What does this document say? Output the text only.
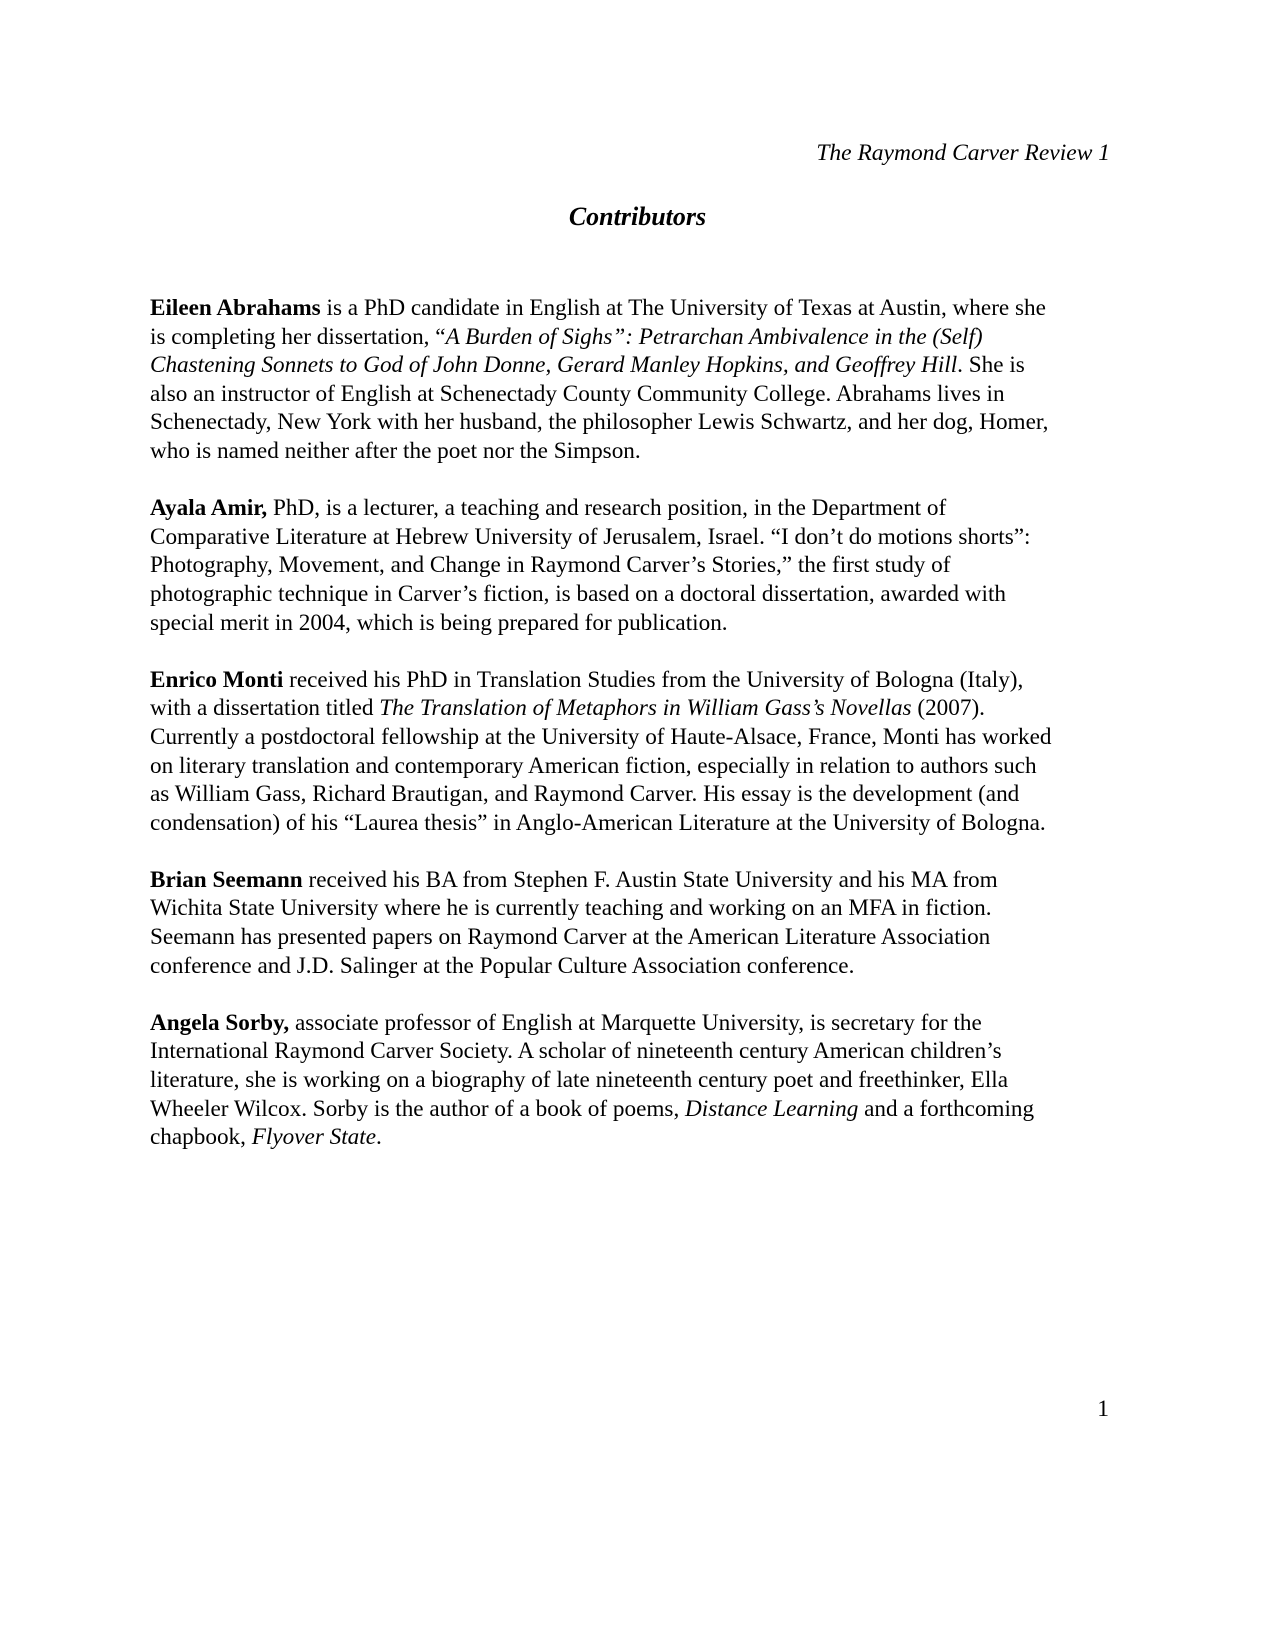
The Raymond Carver Review 1
Contributors

Eileen Abrahams is a PhD candidate in English at The University of Texas at Austin, where she
is completing her dissertation, “A Burden of Sighs”: Petrarchan Ambivalence in the (Self)
Chastening Sonnets to God of John Donne, Gerard Manley Hopkins, and Geoffrey Hill. She is
also an instructor of English at Schenectady County Community College. Abrahams lives in
Schenectady, New York with her husband, the philosopher Lewis Schwartz, and her dog, Homer,
who is named neither after the poet nor the Simpson.

Ayala Amir, PhD, is a lecturer, a teaching and research position, in the Department of
Comparative Literature at Hebrew University of Jerusalem, Israel. “I don’t do motions shorts”:
Photography, Movement, and Change in Raymond Carver’s Stories,” the first study of
photographic technique in Carver’s fiction, is based on a doctoral dissertation, awarded with
special merit in 2004, which is being prepared for publication.

Enrico Monti received his PhD in Translation Studies from the University of Bologna (Italy),
with a dissertation titled The Translation of Metaphors in William Gass’s Novellas (2007).
Currently a postdoctoral fellowship at the University of Haute-Alsace, France, Monti has worked
on literary translation and contemporary American fiction, especially in relation to authors such
as William Gass, Richard Brautigan, and Raymond Carver. His essay is the development (and
condensation) of his “Laurea thesis” in Anglo-American Literature at the University of Bologna.

Brian Seemann received his BA from Stephen F. Austin State University and his MA from
Wichita State University where he is currently teaching and working on an MFA in fiction.
Seemann has presented papers on Raymond Carver at the American Literature Association
conference and J.D. Salinger at the Popular Culture Association conference.

Angela Sorby, associate professor of English at Marquette University, is secretary for the
International Raymond Carver Society. A scholar of nineteenth century American children’s
literature, she is working on a biography of late nineteenth century poet and freethinker, Ella
Wheeler Wilcox. Sorby is the author of a book of poems, Distance Learning and a forthcoming
chapbook, Flyover State.

1
